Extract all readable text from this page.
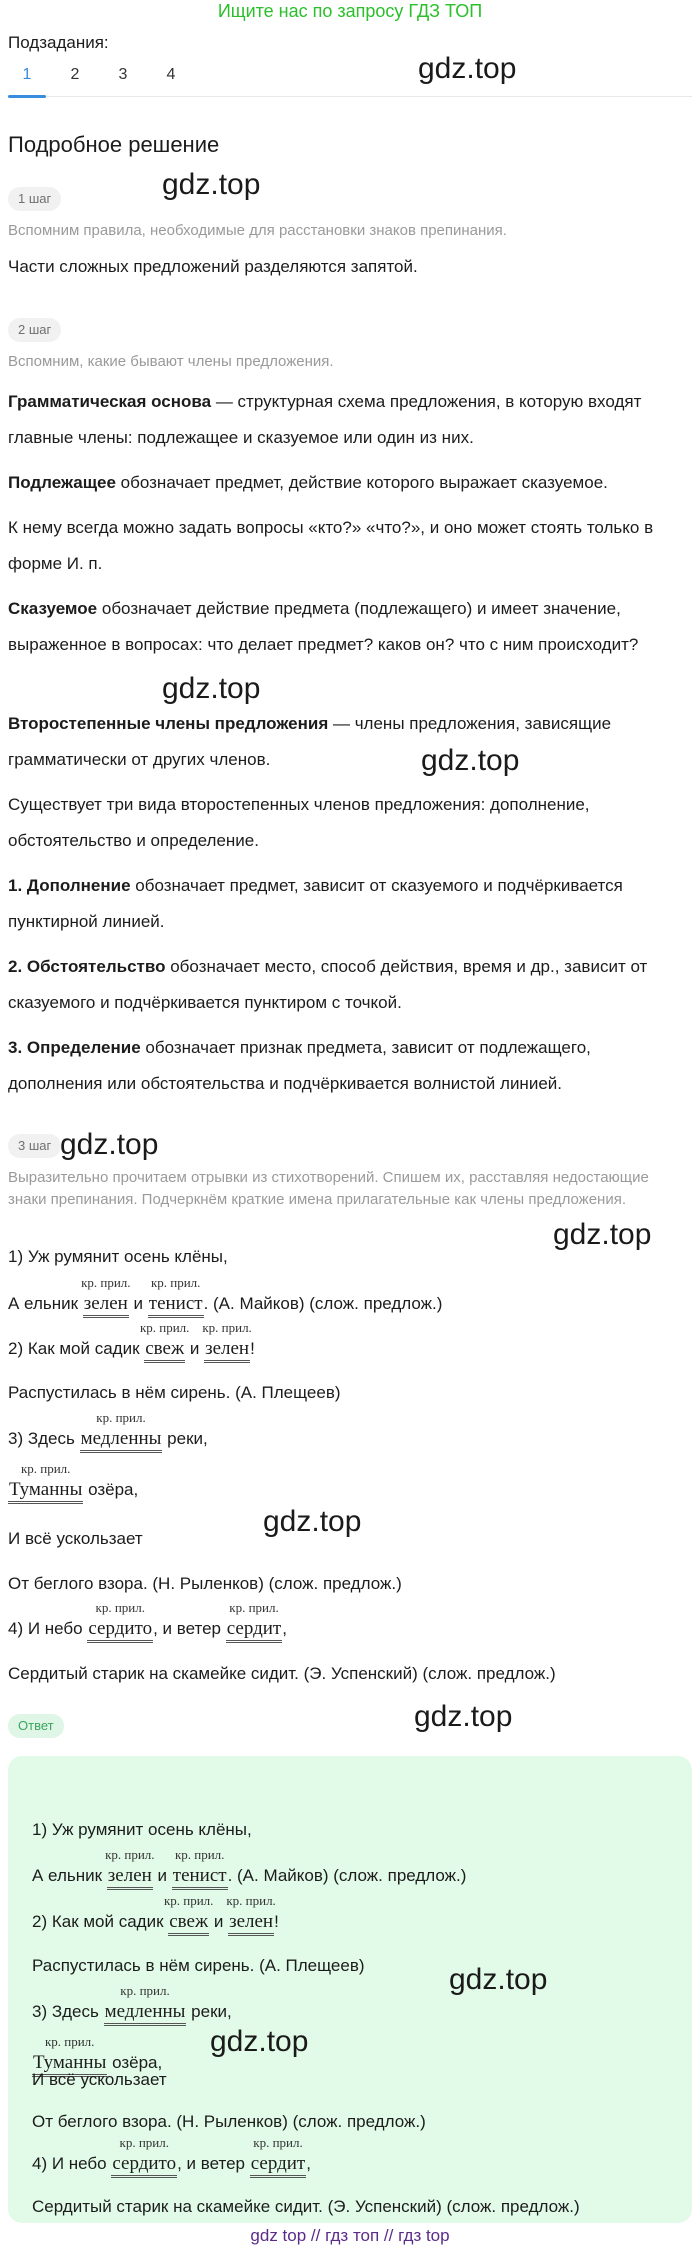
Ищите нас по запросу ГДЗ ТОП
Подзадания:
1	2	3	4	gdz.top
Подробное решение
1 шаг	gdz.top
Вспомним правила, необходимые для расстановки знаков препинания.
Части сложных предложений разделяются запятой.
2 шаг
Вспомним, какие бывают члены предложения.
Грамматическая основа — структурная схема предложения, в которую входят главные члены: подлежащее и сказуемое или один из них.
Подлежащее обозначает предмет, действие которого выражает сказуемое.
К нему всегда можно задать вопросы «кто?» «что?», и оно может стоять только в форме И. п.
Сказуемое обозначает действие предмета (подлежащего) и имеет значение, выраженное в вопросах: что делает предмет? каков он? что с ним происходит?
gdz.top
Второстепенные члены предложения — члены предложения, зависящие грамматически от других членов.	gdz.top
Существует три вида второстепенных членов предложения: дополнение, обстоятельство и определение.
1. Дополнение обозначает предмет, зависит от сказуемого и подчёркивается пунктирной линией.
2. Обстоятельство обозначает место, способ действия, время и др., зависит от сказуемого и подчёркивается пунктиром с точкой.
3. Определение обозначает признак предмета, зависит от подлежащего, дополнения или обстоятельства и подчёркивается волнистой линией.
3 шаг gdz.top
Выразительно прочитаем отрывки из стихотворений. Спишем их, расставляя недостающие знаки препинания. Подчеркнём краткие имена прилагательные как члены предложения.
gdz.top
1) Уж румянит осень клёны,
А ельник
кр. прил.
зелен и
кр. прил.
тенист. (А. Майков) (слож. предлож.)
2) Как мой садик
кр. прил.
свеж и
кр. прил.
зелен!
Распустилась в нём сирень. (А. Плещеев)
3) Здесь
кр. прил.
медленны реки,
кр. прил.
Туманны озёра,
gdz.top
И всё ускользает
От беглого взора. (Н. Рыленков) (слож. предлож.)
4) И небо
кр. прил.
сердито, и ветер
кр. прил.
сердит,
Сердитый старик на скамейке сидит. (Э. Успенский) (слож. предлож.)
gdz.top
Ответ
1) Уж румянит осень клёны,
А ельник
кр. прил.
зелен и
кр. прил.
тенист. (А. Майков) (слож. предлож.)
2) Как мой садик
кр. прил.
свеж и
кр. прил.
зелен!
Распустилась в нём сирень. (А. Плещеев)
3) Здесь
кр. прил.
медленны реки,
gdz.top
кр. прил.
Туманны озёра,
gdz.top
И всё ускользает
От беглого взора. (Н. Рыленков) (слож. предлож.)
4) И небо
кр. прил.
сердито, и ветер
кр. прил.
сердит,
gdz top // гдз топ // гдз top
Сердитый старик на скамейке сидит. (Э. Успенский) (слож. предлож.)
